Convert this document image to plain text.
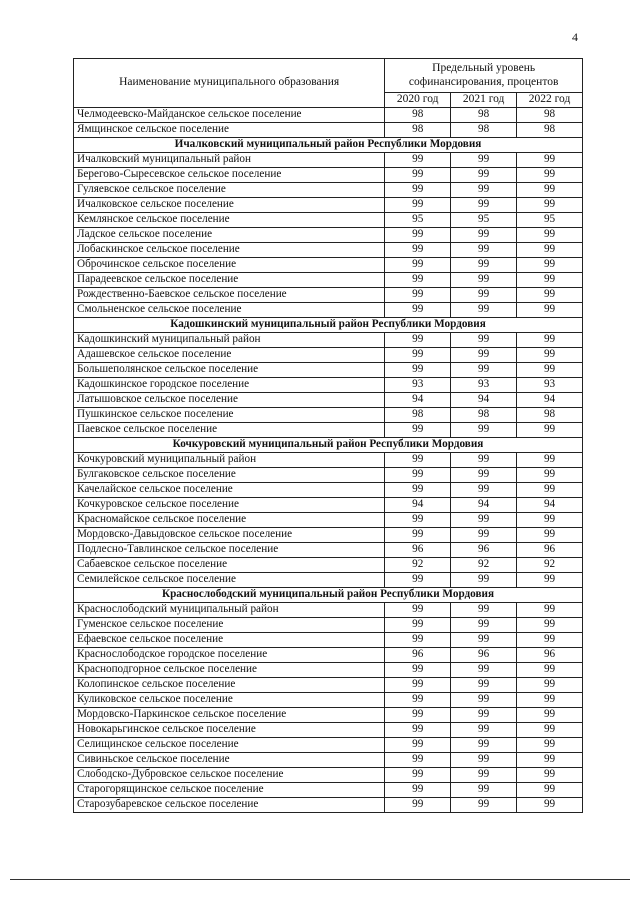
4
Наименование муниципального образования	Предельный уровень
софинансирования, процентов		
	2020 год	2021 год	2022 год
Челмодеевско-Майданское сельское поселение	98	98	98
Ямщинское сельское поселение	98	98	98
Ичалковский муниципальный район Республики Мордовия			
Ичалковский муниципальный район	99	99	99
Берегово-Сыресевское сельское поселение	99	99	99
Гуляевское сельское поселение	99	99	99
Ичалковское сельское поселение	99	99	99
Кемлянское сельское поселение	95	95	95
Ладское сельское поселение	99	99	99
Лобаскинское сельское поселение	99	99	99
Оброчинское сельское поселение	99	99	99
Парадеевское сельское поселение	99	99	99
Рождественно-Баевское сельское поселение	99	99	99
Смольненское сельское поселение	99	99	99
Кадошкинский муниципальный район Республики Мордовия			
Кадошкинский муниципальный район	99	99	99
Адашевское сельское поселение	99	99	99
Большеполянское сельское поселение	99	99	99
Кадошкинское городское поселение	93	93	93
Латышовское сельское поселение	94	94	94
Пушкинское сельское поселение	98	98	98
Паевское сельское поселение	99	99	99
Кочкуровский муниципальный район Республики Мордовия			
Кочкуровский муниципальный район	99	99	99
Булгаковское сельское поселение	99	99	99
Качелайское сельское поселение	99	99	99
Кочкуровское сельское поселение	94	94	94
Красномайское сельское поселение	99	99	99
Мордовско-Давыдовское сельское поселение	99	99	99
Подлесно-Тавлинское сельское поселение	96	96	96
Сабаевское сельское поселение	92	92	92
Семилейское сельское поселение	99	99	99
Краснослободский муниципальный район Республики Мордовия			
Краснослободский муниципальный район	99	99	99
Гуменское сельское поселение	99	99	99
Ефаевское сельское поселение	99	99	99
Краснослободское городское поселение	96	96	96
Красноподгорное сельское поселение	99	99	99
Колопинское сельское поселение	99	99	99
Куликовское сельское поселение	99	99	99
Мордовско-Паркинское сельское поселение	99	99	99
Новокарьгинское сельское поселение	99	99	99
Селищинское сельское поселение	99	99	99
Сивиньское сельское поселение	99	99	99
Слободско-Дубровское сельское поселение	99	99	99
Старогорящинское сельское поселение	99	99	99
Старозубаревское сельское поселение	99	99	99
